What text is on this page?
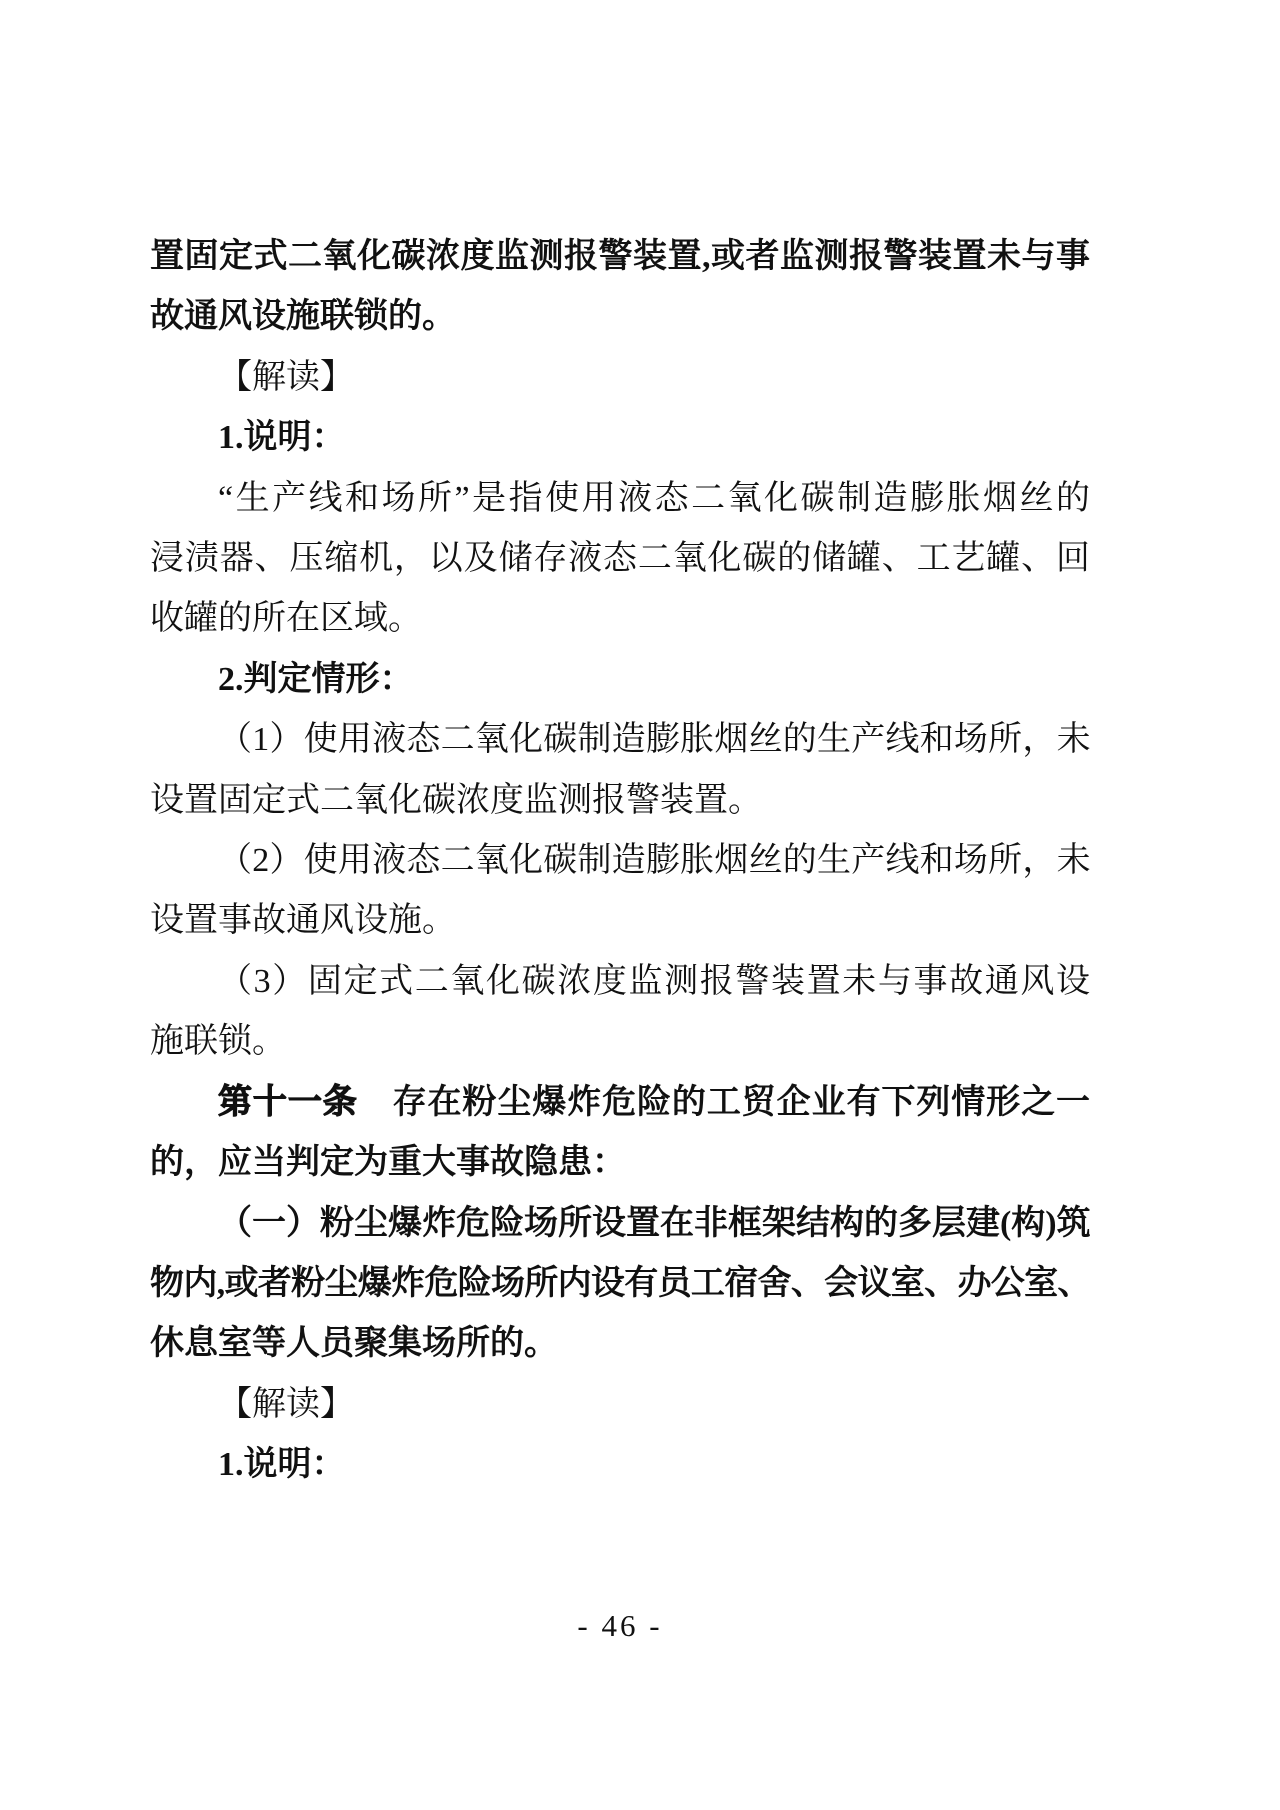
置固定式二氧化碳浓度监测报警装置,或者监测报警装置未与事
故通风设施联锁的。
【解读】
1.说明：
“生产线和场所”是指使用液态二氧化碳制造膨胀烟丝的
浸渍器、压缩机，以及储存液态二氧化碳的储罐、工艺罐、回
收罐的所在区域。
2.判定情形：
（1）使用液态二氧化碳制造膨胀烟丝的生产线和场所，未
设置固定式二氧化碳浓度监测报警装置。
（2）使用液态二氧化碳制造膨胀烟丝的生产线和场所，未
设置事故通风设施。
（3）固定式二氧化碳浓度监测报警装置未与事故通风设
施联锁。
第十一条　存在粉尘爆炸危险的工贸企业有下列情形之一
的，应当判定为重大事故隐患：
（一）粉尘爆炸危险场所设置在非框架结构的多层建(构)筑
物内,或者粉尘爆炸危险场所内设有员工宿舍、会议室、办公室、
休息室等人员聚集场所的。
【解读】
1.说明：
- 46 -
